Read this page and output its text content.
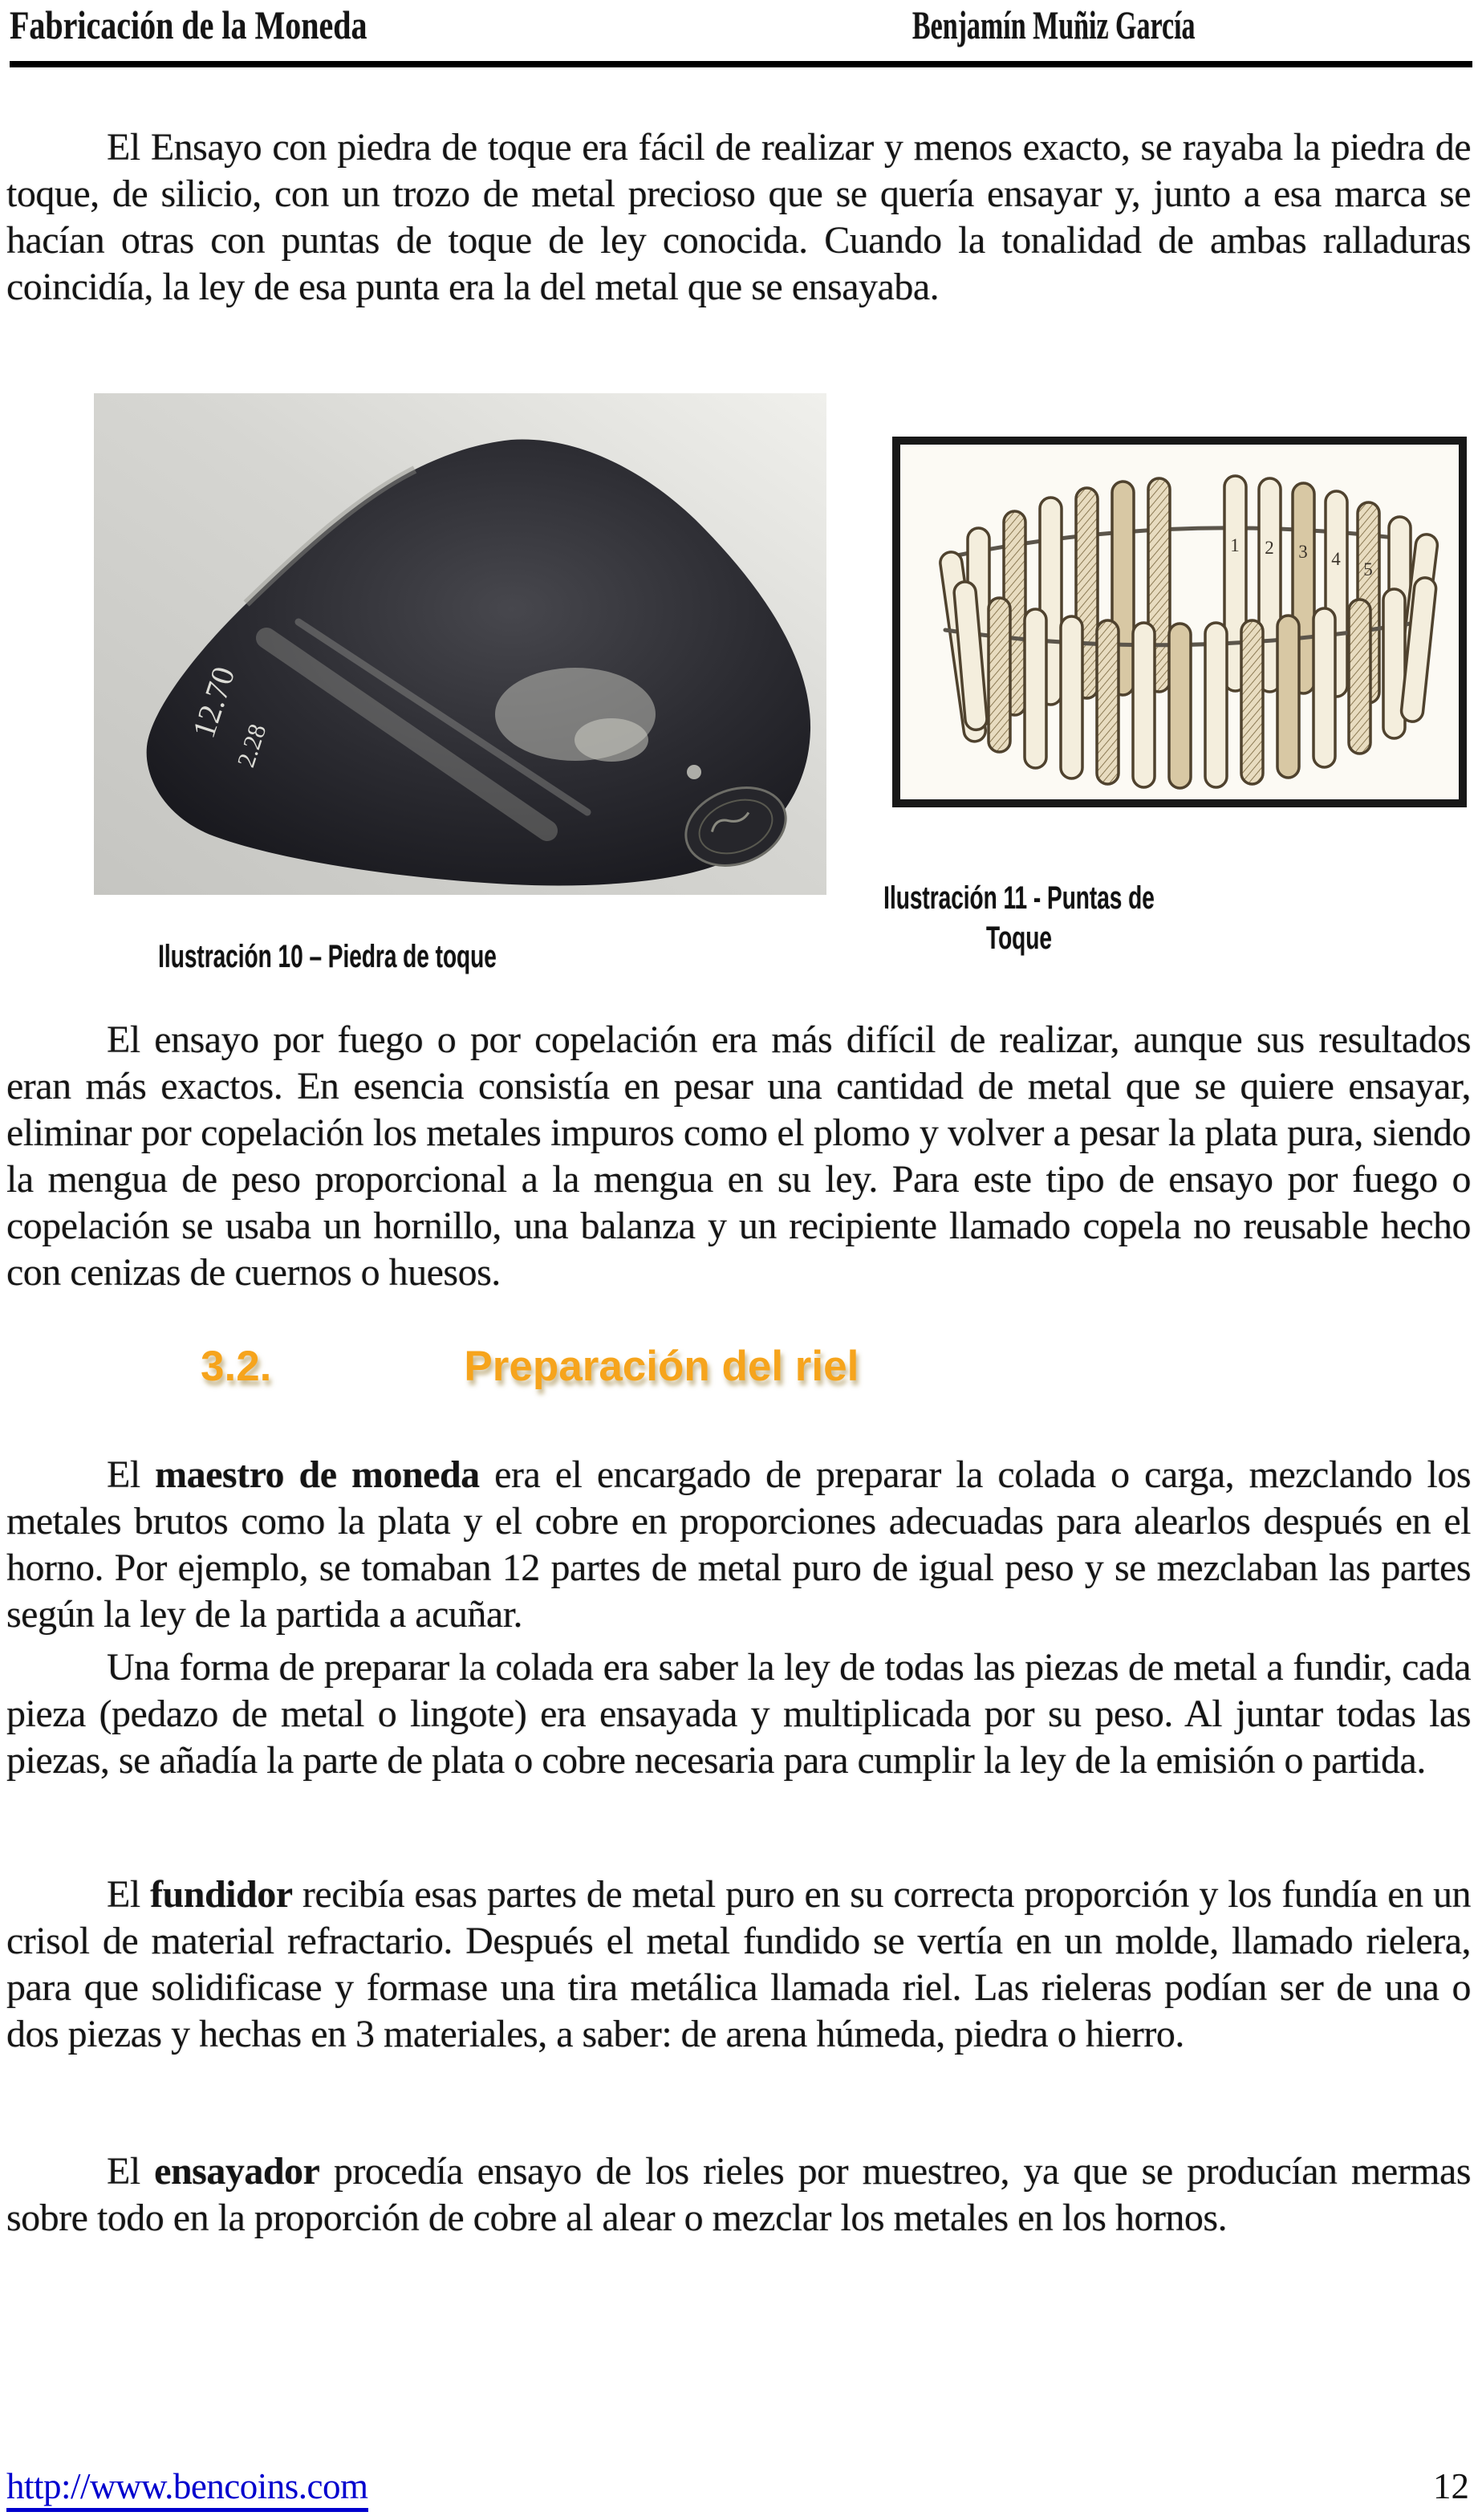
Fabricación de la Moneda	Benjamín Muñiz García

El Ensayo con piedra de toque era fácil de realizar y menos exacto, se rayaba la piedra de toque, de silicio, con un trozo de metal precioso que se quería ensayar y, junto a esa marca se hacían otras con puntas de toque de ley conocida. Cuando la tonalidad de ambas ralladuras coincidía, la ley de esa punta era la del metal que se ensayaba.

12.70
2.28
1 2 3 4
5
Ilustración 11 - Puntas de
Toque
Ilustración 10 – Piedra de toque

El ensayo por fuego o por copelación era más difícil de realizar, aunque sus resultados eran más exactos. En esencia consistía en pesar una cantidad de metal que se quiere ensayar, eliminar por copelación los metales impuros como el plomo y volver a pesar la plata pura, siendo la mengua de peso proporcional a la mengua en su ley. Para este tipo de ensayo por fuego o copelación se usaba un hornillo, una balanza y un recipiente llamado copela no reusable hecho con cenizas de cuernos o huesos.

3.2.	Preparación del riel

El maestro de moneda era el encargado de preparar la colada o carga, mezclando los metales brutos como la plata y el cobre en proporciones adecuadas para alearlos después en el horno. Por ejemplo, se tomaban 12 partes de metal puro de igual peso y se mezclaban las partes según la ley de la partida a acuñar.

Una forma de preparar la colada era saber la ley de todas las piezas de metal a fundir, cada pieza (pedazo de metal o lingote) era ensayada y multiplicada por su peso. Al juntar todas las piezas, se añadía la parte de plata o cobre necesaria para cumplir la ley de la emisión o partida.

El fundidor recibía esas partes de metal puro en su correcta proporción y los fundía en un crisol de material refractario. Después el metal fundido se vertía en un molde, llamado rielera, para que solidificase y formase una tira metálica llamada riel. Las rieleras podían ser de una o dos piezas y hechas en 3 materiales, a saber: de arena húmeda, piedra o hierro.

El ensayador procedía ensayo de los rieles por muestreo, ya que se producían mermas sobre todo en la proporción de cobre al alear o mezclar los metales en los hornos.

http://www.bencoins.com	12
